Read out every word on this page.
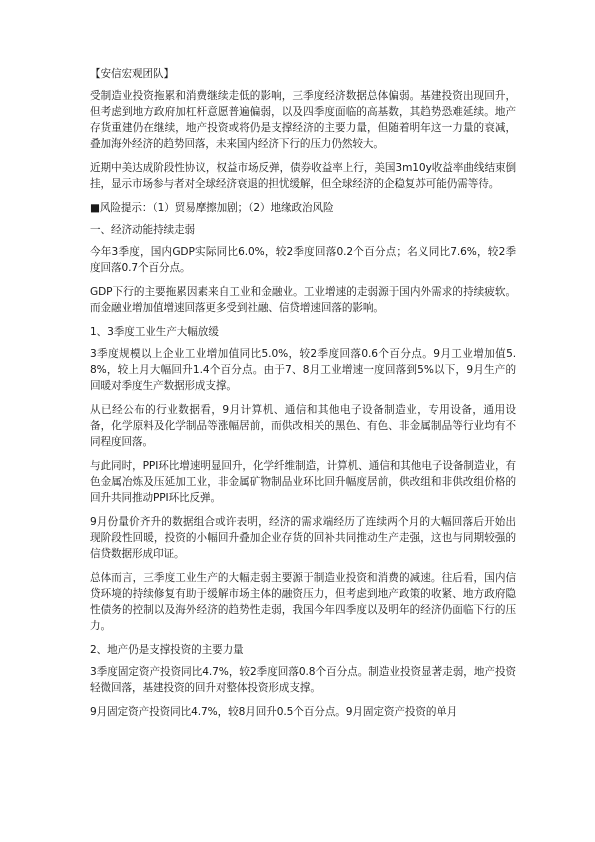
【安信宏观团队】

受制造业投资拖累和消费继续走低的影响，三季度经济数据总体偏弱。基建投资出现回升，但考虑到地方政府加杠杆意愿普遍偏弱，以及四季度面临的高基数，其趋势恐难延续。地产存货重建仍在继续，地产投资或将仍是支撑经济的主要力量，但随着明年这一力量的衰减，叠加海外经济的趋势回落，未来国内经济下行的压力仍然较大。

近期中美达成阶段性协议，权益市场反弹，债券收益率上行，美国3m10y收益率曲线结束倒挂，显示市场参与者对全球经济衰退的担忧缓解，但全球经济的企稳复苏可能仍需等待。

■风险提示：（1）贸易摩擦加剧；（2）地缘政治风险

一、经济动能持续走弱

今年3季度，国内GDP实际同比6.0%，较2季度回落0.2个百分点；名义同比7.6%，较2季度回落0.7个百分点。

GDP下行的主要拖累因素来自工业和金融业。工业增速的走弱源于国内外需求的持续疲软。而金融业增加值增速回落更多受到社融、信贷增速回落的影响。

1、3季度工业生产大幅放缓

3季度规模以上企业工业增加值同比5.0%，较2季度回落0.6个百分点。9月工业增加值5.8%，较上月大幅回升1.4个百分点。由于7、8月工业增速一度回落到5%以下，9月生产的回暖对季度生产数据形成支撑。

从已经公布的行业数据看，9月计算机、通信和其他电子设备制造业，专用设备，通用设备，化学原料及化学制品等涨幅居前，而供改相关的黑色、有色、非金属制品等行业均有不同程度回落。

与此同时，PPI环比增速明显回升，化学纤维制造，计算机、通信和其他电子设备制造业，有色金属冶炼及压延加工业，非金属矿物制品业环比回升幅度居前，供改组和非供改组价格的回升共同推动PPI环比反弹。

9月份量价齐升的数据组合或许表明，经济的需求端经历了连续两个月的大幅回落后开始出现阶段性回暖，投资的小幅回升叠加企业存货的回补共同推动生产走强，这也与同期较强的信贷数据形成印证。

总体而言，三季度工业生产的大幅走弱主要源于制造业投资和消费的减速。往后看，国内信贷环境的持续修复有助于缓解市场主体的融资压力，但考虑到地产政策的收紧、地方政府隐性债务的控制以及海外经济的趋势性走弱，我国今年四季度以及明年的经济仍面临下行的压力。

2、地产仍是支撑投资的主要力量

3季度固定资产投资同比4.7%，较2季度回落0.8个百分点。制造业投资显著走弱，地产投资轻微回落，基建投资的回升对整体投资形成支撑。

9月固定资产投资同比4.7%，较8月回升0.5个百分点。9月固定资产投资的单月
